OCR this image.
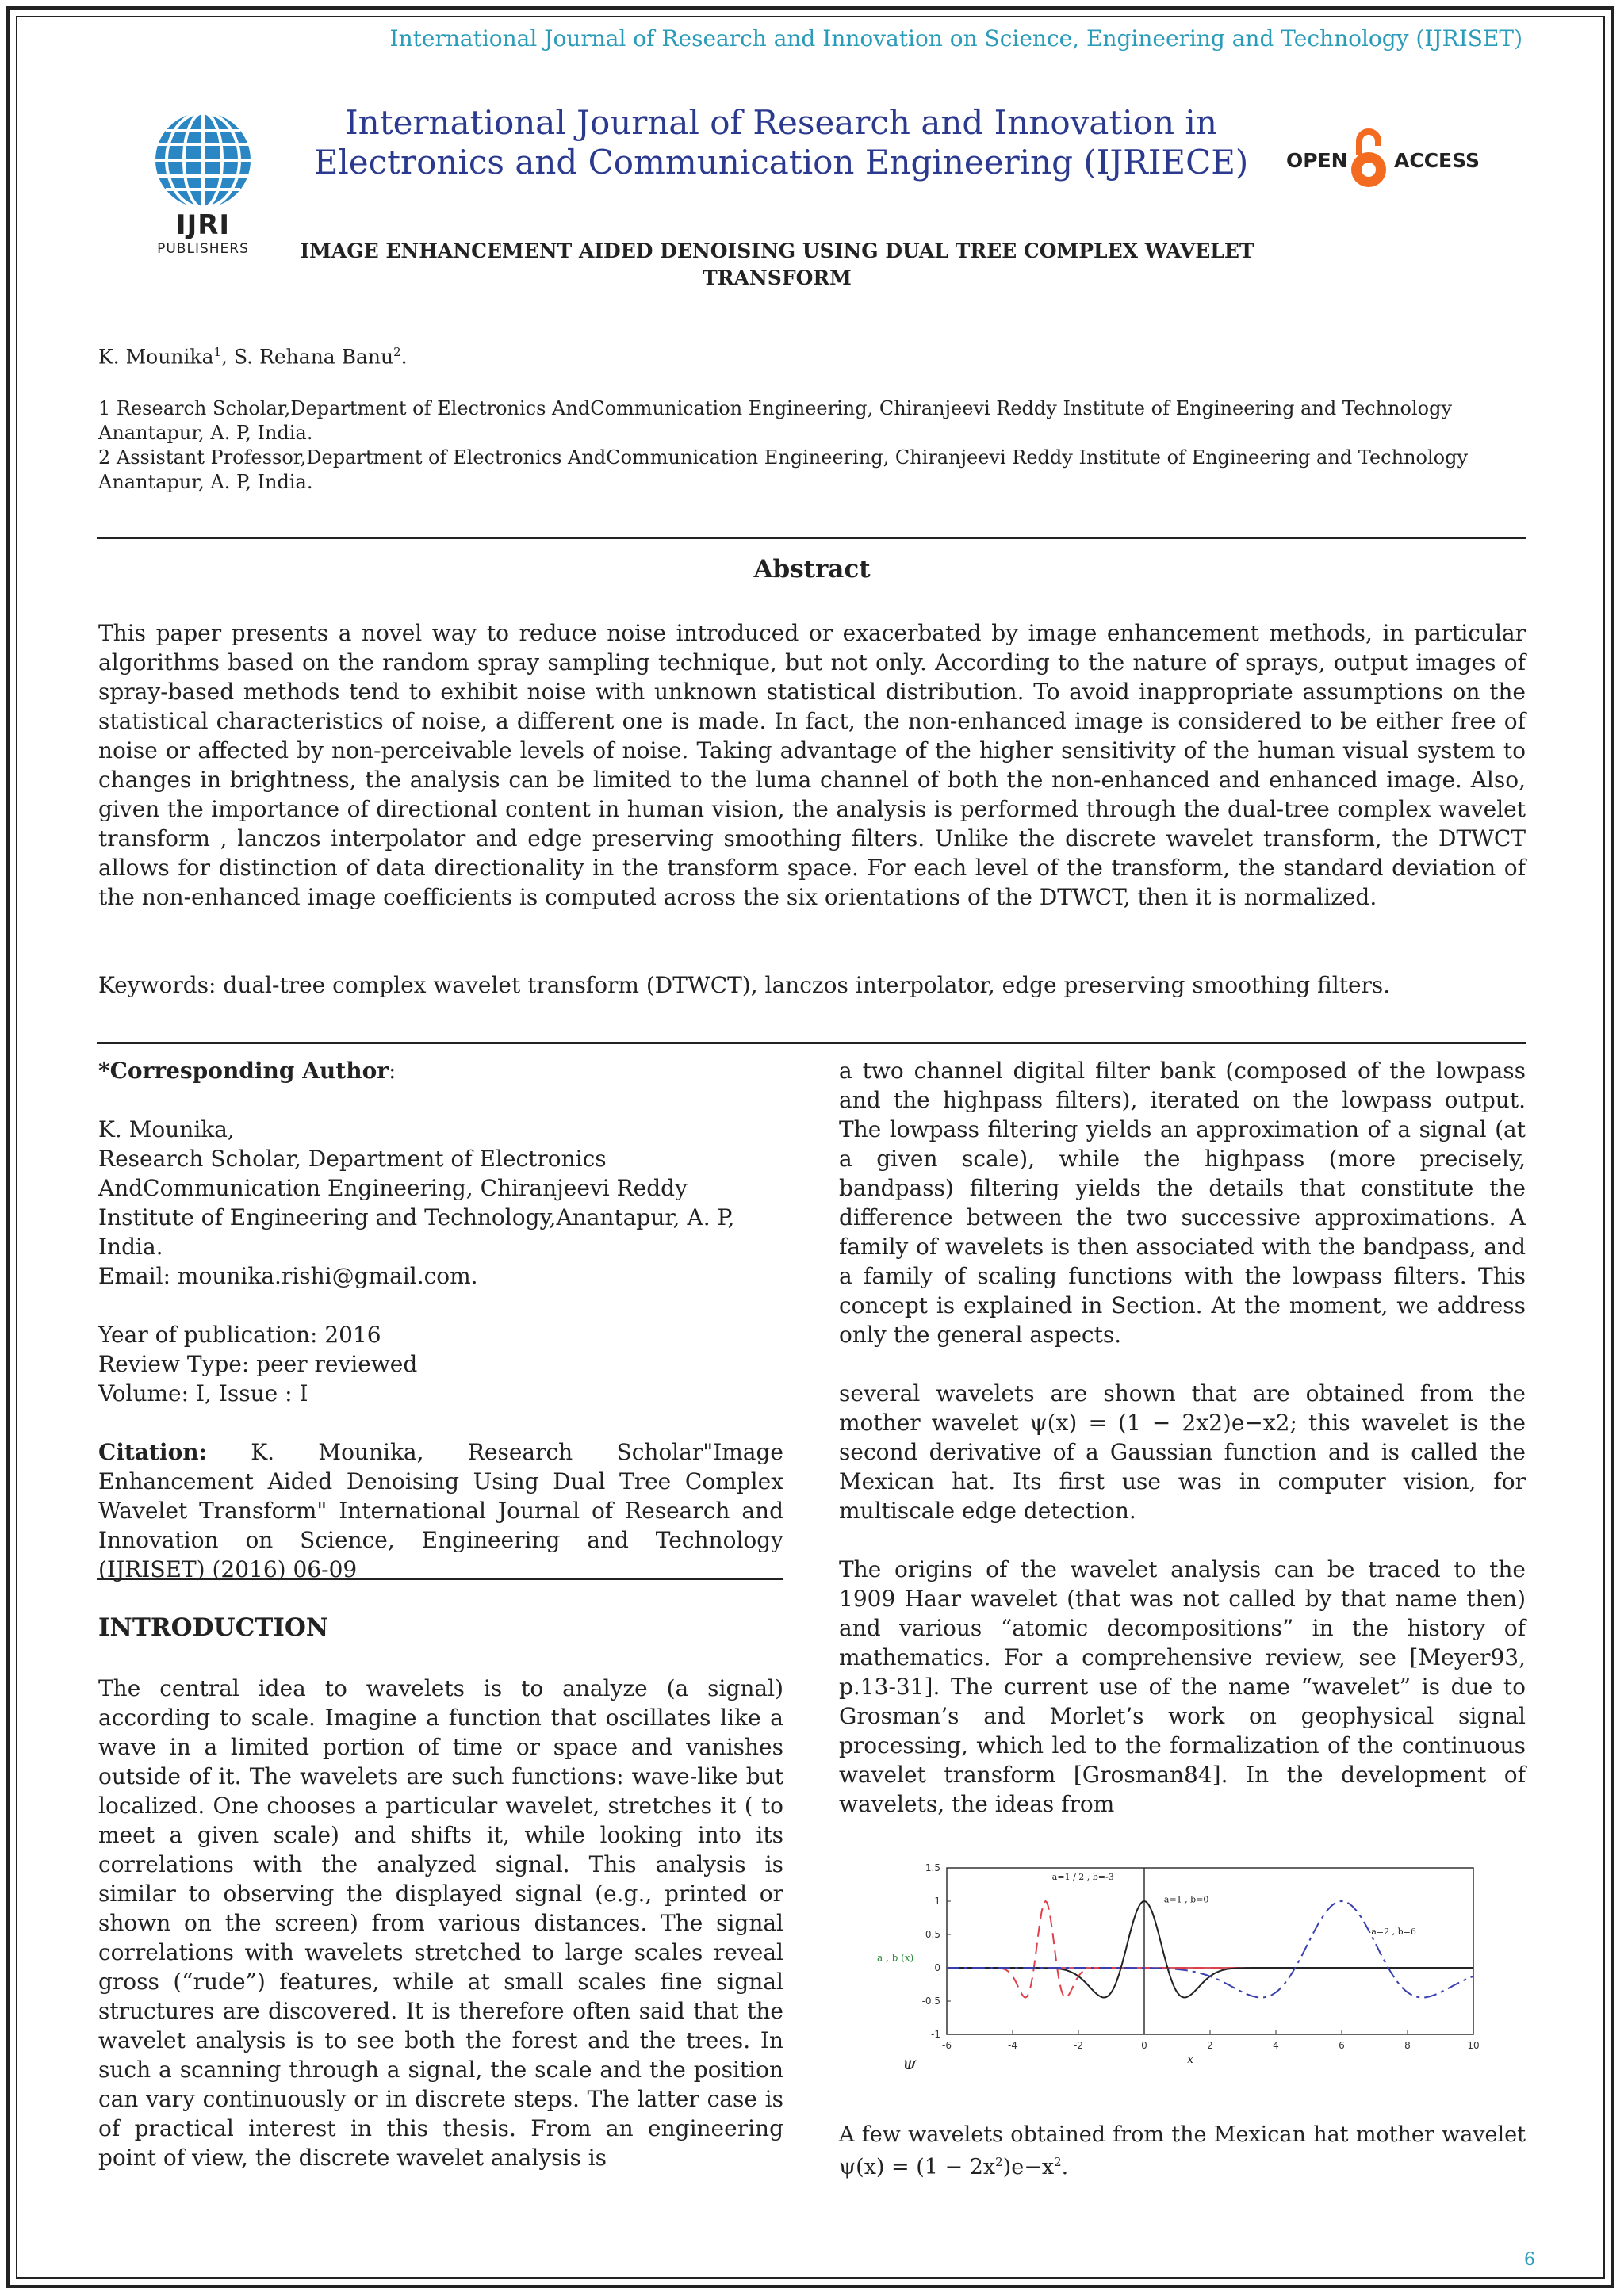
International Journal of Research and Innovation on Science, Engineering and Technology (IJRISET)
IJRI
PUBLISHERS
International Journal of Research and Innovation in
Electronics and Communication Engineering (IJRIECE)	OPEN ACCESS
IMAGE ENHANCEMENT AIDED DENOISING USING DUAL TREE COMPLEX WAVELET
TRANSFORM
K. Mounika$^1$, S. Rehana Banu$^2$.
1 Research Scholar,Department of Electronics AndCommunication Engineering, Chiranjeevi Reddy Institute of Engineering and Technology Anantapur, A. P, India.
2 Assistant Professor,Department of Electronics AndCommunication Engineering, Chiranjeevi Reddy Institute of Engineering and Technology Anantapur, A. P, India.
Abstract
This paper presents a novel way to reduce noise introduced or exacerbated by image enhancement methods, in particular algorithms based on the random spray sampling technique, but not only. According to the nature of sprays, output images of spray-based methods tend to exhibit noise with unknown statistical distribution. To avoid inappropriate assumptions on the statistical characteristics of noise, a different one is made. In fact, the non-enhanced image is considered to be either free of noise or affected by non-perceivable levels of noise. Taking advantage of the higher sensitivity of the human visual system to changes in brightness, the analysis can be limited to the luma channel of both the non-enhanced and enhanced image. Also, given the importance of directional content in human vision, the analysis is performed through the dual-tree complex wavelet transform , lanczos interpolator and edge preserving smoothing filters. Unlike the discrete wavelet transform, the DTWCT allows for distinction of data directionality in the transform space. For each level of the transform, the standard deviation of the non-enhanced image coefficients is computed across the six orientations of the DTWCT, then it is normalized.
Keywords: dual-tree complex wavelet transform (DTWCT), lanczos interpolator, edge preserving smoothing filters.

*Corresponding Author:

K. Mounika,

Research Scholar, Department of Electronics AndCommunication Engineering, Chiranjeevi Reddy Institute of Engineering and Technology,Anantapur, A. P, India.

Email: mounika.rishi@gmail.com.

Year of publication: 2016

Review Type: peer reviewed

Volume: I, Issue : I

Citation: K. Mounika, Research Scholar"Image Enhancement Aided Denoising Using Dual Tree Complex Wavelet Transform" International Journal of Research and Innovation on Science, Engineering and Technology (IJRISET) (2016) 06-09

INTRODUCTION
The central idea to wavelets is to analyze (a signal) according to scale. Imagine a function that oscillates like a wave in a limited portion of time or space and vanishes outside of it. The wavelets are such functions: wave-like but localized. One chooses a particular wavelet, stretches it ( to meet a given scale) and shifts it, while looking into its correlations with the analyzed signal. This analysis is similar to observing the displayed signal (e.g., printed or shown on the screen) from various distances. The signal correlations with wavelets stretched to large scales reveal gross (“rude”) features, while at small scales fine signal structures are discovered. It is therefore often said that the wavelet analysis is to see both the forest and the trees. In such a scanning through a signal, the scale and the position can vary continuously or in discrete steps. The latter case is of practical interest in this thesis. From an engineering point of view, the discrete wavelet analysis is

a two channel digital filter bank (composed of the lowpass and the highpass filters), iterated on the lowpass output. The lowpass filtering yields an approximation of a signal (at a given scale), while the highpass (more precisely, bandpass) filtering yields the details that constitute the difference between the two successive approximations. A family of wavelets is then associated with the bandpass, and a family of scaling functions with the lowpass filters. This concept is explained in Section. At the moment, we address only the general aspects.

several wavelets are shown that are obtained from the mother wavelet ψ(x) = (1 − 2x2)e−x2; this wavelet is the second derivative of a Gaussian function and is called the Mexican hat. Its first use was in computer vision, for multiscale edge detection.

The origins of the wavelet analysis can be traced to the 1909 Haar wavelet (that was not called by that name then) and various “atomic decompositions” in the history of mathematics. For a comprehensive review, see [Meyer93, p.13-31]. The current use of the name “wavelet” is due to Grosman’s and Morlet’s work on geophysical signal processing, which led to the formalization of the continuous wavelet transform [Grosman84]. In the development of wavelets, the ideas from

-6	-4	-2	0	2	4	6	8	10
-1
-0.5
0
0.5
1
1.5
a=1 / 2 , b=-3
a=1 , b=0
a=2 , b=6
a , b (x)
ψ	x
A few wavelets obtained from the Mexican hat mother wavelet $\psi(x) = (1 - 2x^2)e-x^2$.
6
